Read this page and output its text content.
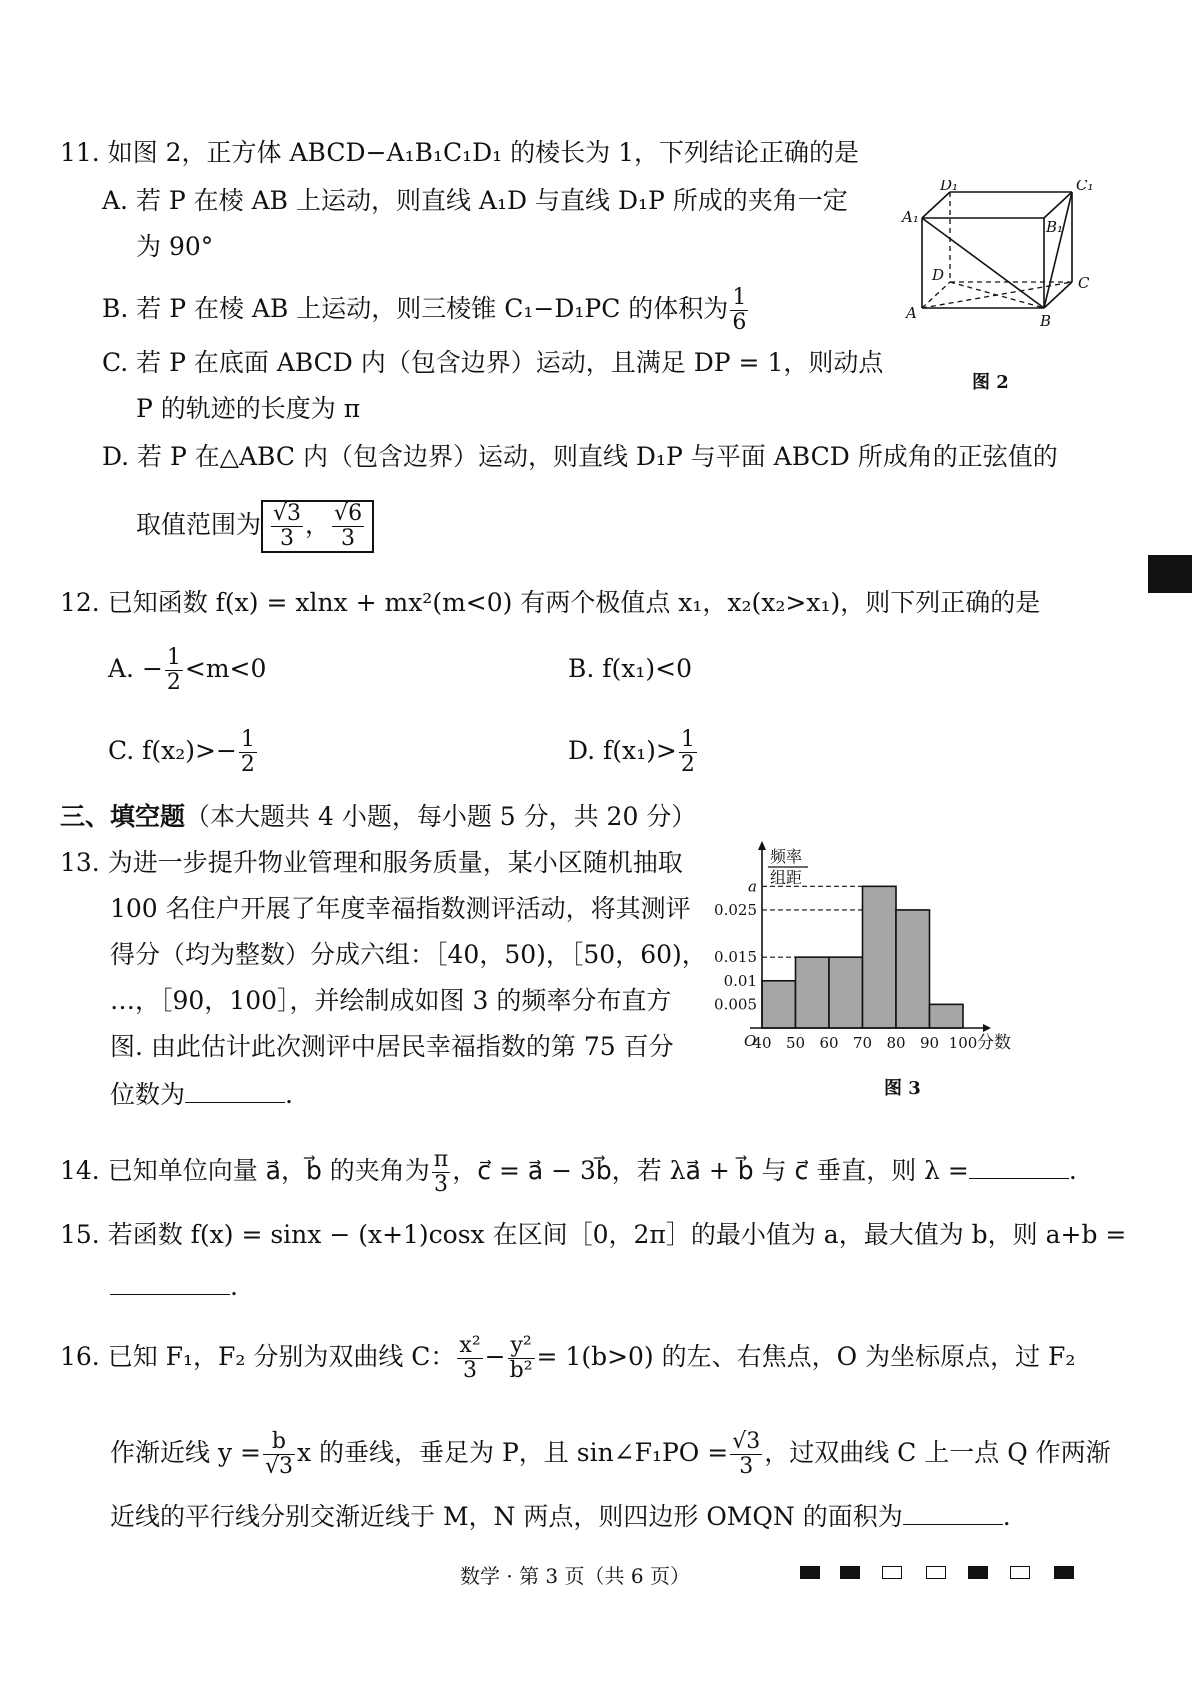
11. 如图 2，正方体 ABCD−A₁B₁C₁D₁ 的棱长为 1，下列结论正确的是
A. 若 P 在棱 AB 上运动，则直线 A₁D 与直线 D₁P 所成的夹角一定
为 90°
B. 若 P 在棱 AB 上运动，则三棱锥 C₁−D₁PC 的体积为 $\frac{1}{6}$
C. 若 P 在底面 ABCD 内（包含边界）运动，且满足 DP = 1，则动点
P 的轨迹的长度为 π
D. 若 P 在△ABC 内（包含边界）运动，则直线 D₁P 与平面 ABCD 所成角的正弦值的
取值范围为 $\frac{√3}{3}$ ， $\frac{√6}{3}$
D₁	C₁
A₁
B₁
D	C
A	B
图 2
12. 已知函数 f(x) = xlnx + mx²(m<0) 有两个极值点 x₁，x₂(x₂>x₁)，则下列正确的是
A. − $\frac{1}{2} <m<0$	B. f(x₁)<0
C. $f(x_2)>- \frac{1}{2}$	D. $f(x_1)> \frac{1}{2}$
三、填空题（本大题共 4 小题，每小题 5 分，共 20 分）
13. 为进一步提升物业管理和服务质量，某小区随机抽取
100 名住户开展了年度幸福指数测评活动，将其测评
得分（均为整数）分成六组：［40，50)，［50，60)，
…，［90，100］，并绘制成如图 3 的频率分布直方
图. 由此估计此次测评中居民幸福指数的第 75 百分
位数为	.
0.005
0.01
0.015
0.025
a
40 50 60 70 80 90 100 分数
O
频率
组距
图 3
14. 已知单位向量 a⃗，b⃗ 的夹角为 $\frac{\pi}{3}$ ，c⃗ = a⃗ − 3b⃗，若 λa⃗ + b⃗ 与 c⃗ 垂直，则 λ =	.
15. 若函数 f(x) = sinx − (x+1)cosx 在区间［0，2π］的最小值为 a，最大值为 b，则 a+b =
.
16. 已知 F₁，F₂ 分别为双曲线 C： $\frac{\text{x²}}{3} - \frac{\text{y²}}{\text{b²}} = 1(b>0)$ 的左、右焦点，O 为坐标原点，过 F₂
作渐近线 $y = \frac{b}{√3}$ x 的垂线，垂足为 P，且 sin∠F₁PO = $\frac{√3}{3}$ ，过双曲线 C 上一点 Q 作两渐
近线的平行线分别交渐近线于 M，N 两点，则四边形 OMQN 的面积为	.
数学 · 第 3 页（共 6 页）
